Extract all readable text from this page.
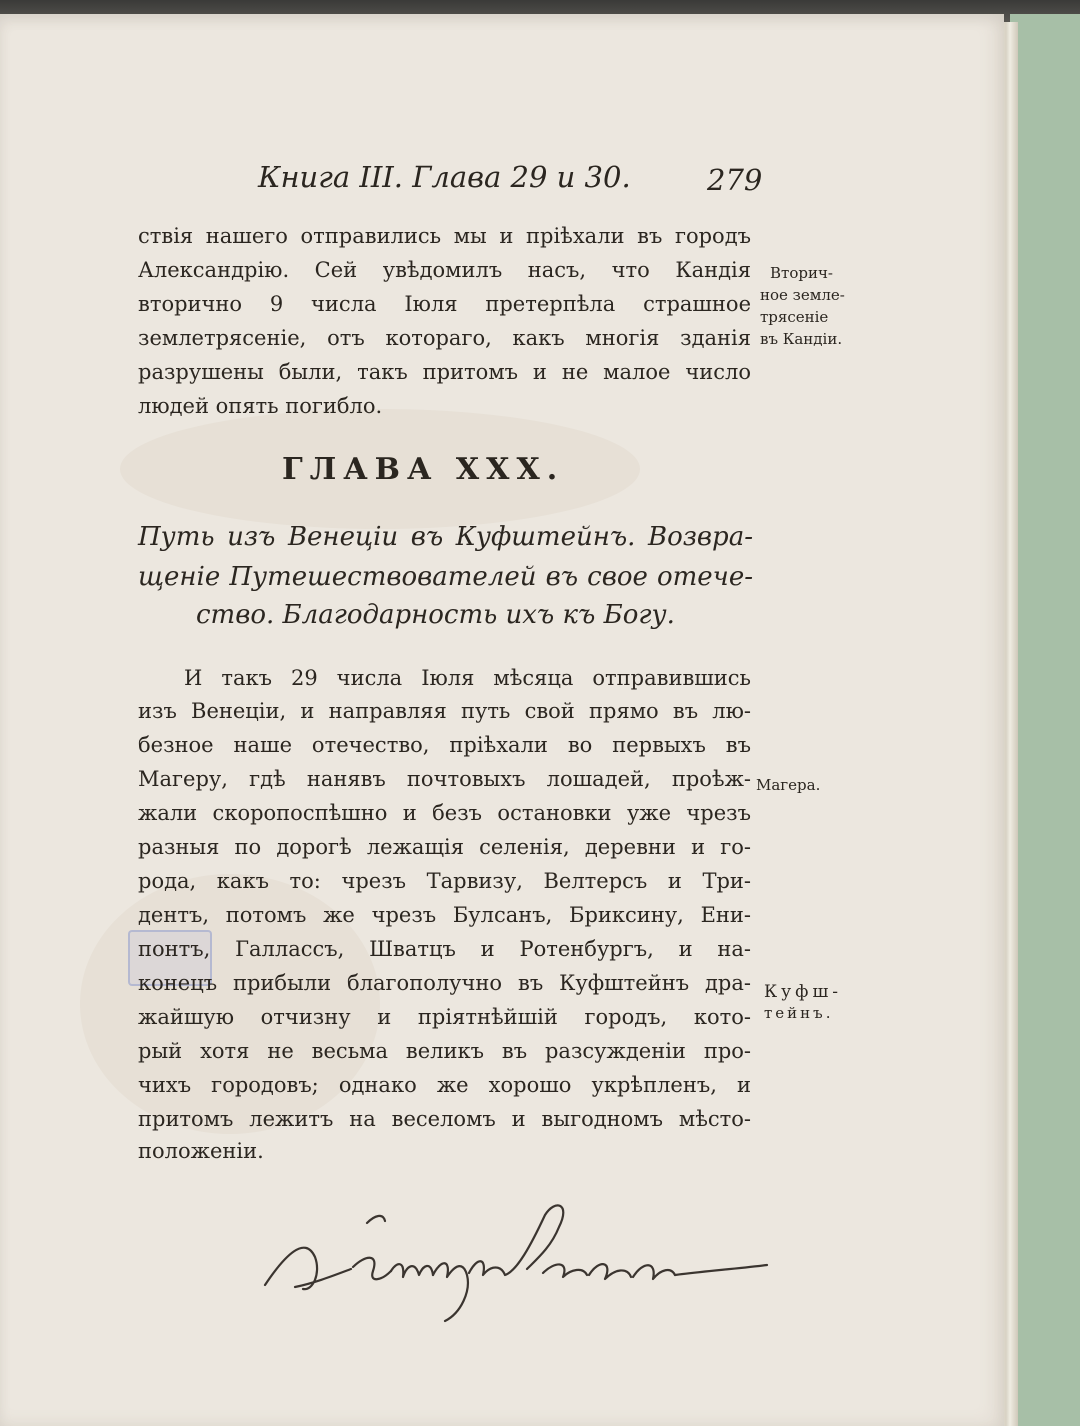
Книга III. Глава 29 и 30.	279
ствія нашего отправились мы и пріѣхали въ городъ
Александрію. Сей увѣдомилъ насъ, что Кандія
вторично 9 числа Іюля претерпѣла страшное
землетрясеніе, отъ котораго, какъ многія зданія
разрушены были, такъ притомъ и не малое число
людей опять погибло.
Вторич-
ное земле-
трясеніе
въ Кандіи.
ГЛАВА XXX.
Путь изъ Венеціи въ Куфштейнъ. Возвра-
щеніе Путешествователей въ свое отече-
ство. Благодарность ихъ къ Богу.
И такъ 29 числа Іюля мѣсяца отправившись
изъ Венеціи, и направляя путь свой прямо въ лю-
безное наше отечество, пріѣхали во первыхъ въ
Магеру, гдѣ нанявъ почтовыхъ лошадей, проѣж-
жали скоропоспѣшно и безъ остановки уже чрезъ
разныя по дорогѣ лежащія селенія, деревни и го-
рода, какъ то: чрезъ Тарвизу, Велтерсъ и Три-
дентъ, потомъ же чрезъ Булсанъ, Бриксину, Ени-
понтъ, Галлассъ, Шватцъ и Ротенбургъ, и на-
конецъ прибыли благополучно въ Куфштейнъ дра-
жайшую отчизну и пріятнѣйшій городъ, кото-
рый хотя не весьма великъ въ разсужденіи про-
чихъ городовъ; однако же хорошо укрѣпленъ, и
притомъ лежитъ на веселомъ и выгодномъ мѣсто-
положеніи.
Магера.
Куфш-
тейнъ.
